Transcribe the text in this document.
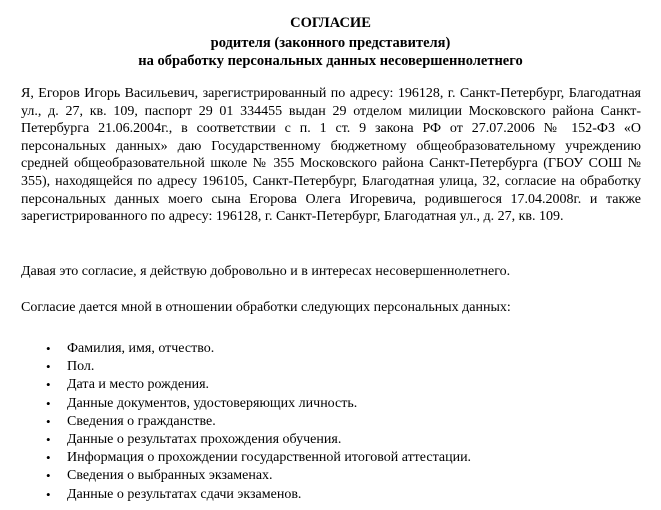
СОГЛАСИЕ
родителя (законного представителя)
на обработку персональных данных несовершеннолетнего
Я, Егоров Игорь Васильевич, зарегистрированный по адресу: 196128, г. Санкт-Петербург, Благодатная ул., д. 27, кв. 109, паспорт 29 01 334455 выдан 29 отделом милиции Московского района Санкт-Петербурга 21.06.2004г., в соответствии с п. 1 ст. 9 закона РФ от 27.07.2006 № 152-ФЗ «О персональных данных» даю Государственному бюджетному общеобразовательному учреждению средней общеобразовательной школе № 355 Московского района Санкт-Петербурга (ГБОУ СОШ № 355), находящейся по адресу 196105, Санкт-Петербург, Благодатная улица, 32, согласие на обработку персональных данных моего сына Егорова Олега Игоревича, родившегося 17.04.2008г. и также зарегистрированного по адресу: 196128, г. Санкт-Петербург, Благодатная ул., д. 27, кв. 109.
Давая это согласие, я действую добровольно и в интересах несовершеннолетнего.
Согласие дается мной в отношении обработки следующих персональных данных:
• Фамилия, имя, отчество.
• Пол.
• Дата и место рождения.
• Данные документов, удостоверяющих личность.
• Сведения о гражданстве.
• Данные о результатах прохождения обучения.
• Информация о прохождении государственной итоговой аттестации.
• Сведения о выбранных экзаменах.
• Данные о результатах сдачи экзаменов.
